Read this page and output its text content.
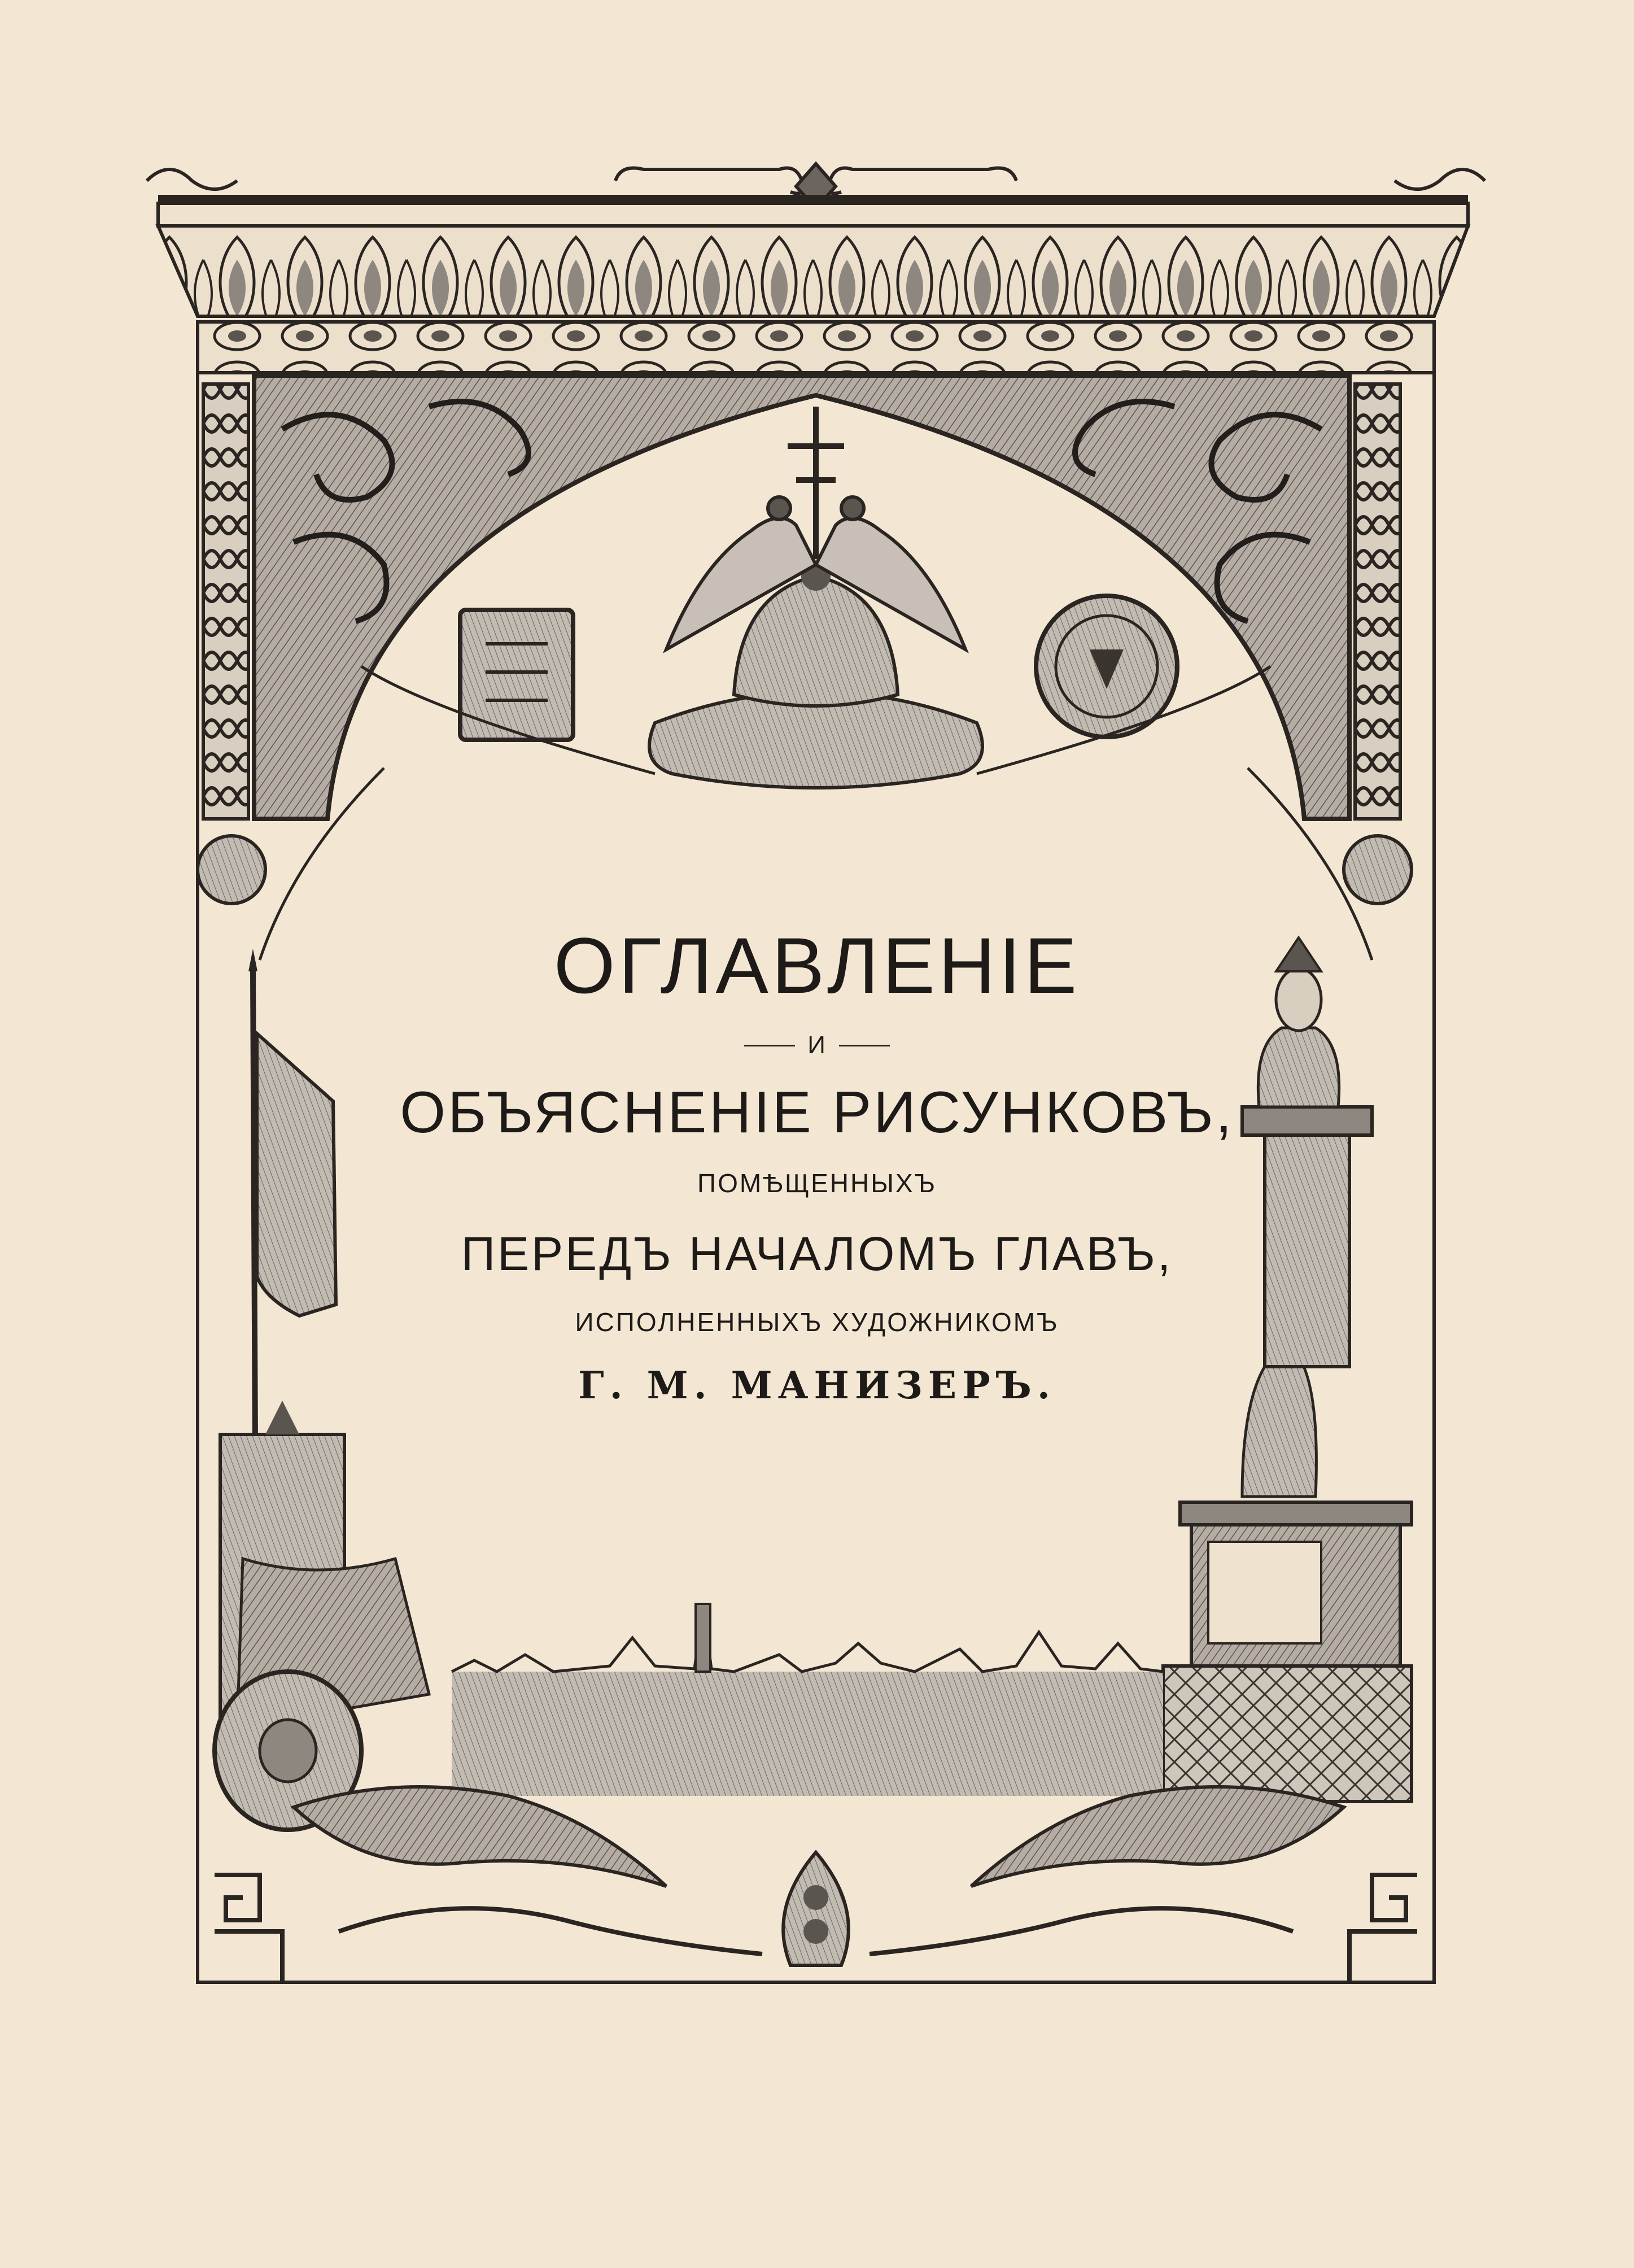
ОГЛАВЛЕНІЕ
И
ОБЪЯСНЕНІЕ РИСУНКОВЪ,
ПОМѢЩЕННЫХЪ
ПЕРЕДЪ НАЧАЛОМЪ ГЛАВЪ,
ИСПОЛНЕННЫХЪ ХУДОЖНИКОМЪ
Г. М. МАНИЗЕРЪ.
